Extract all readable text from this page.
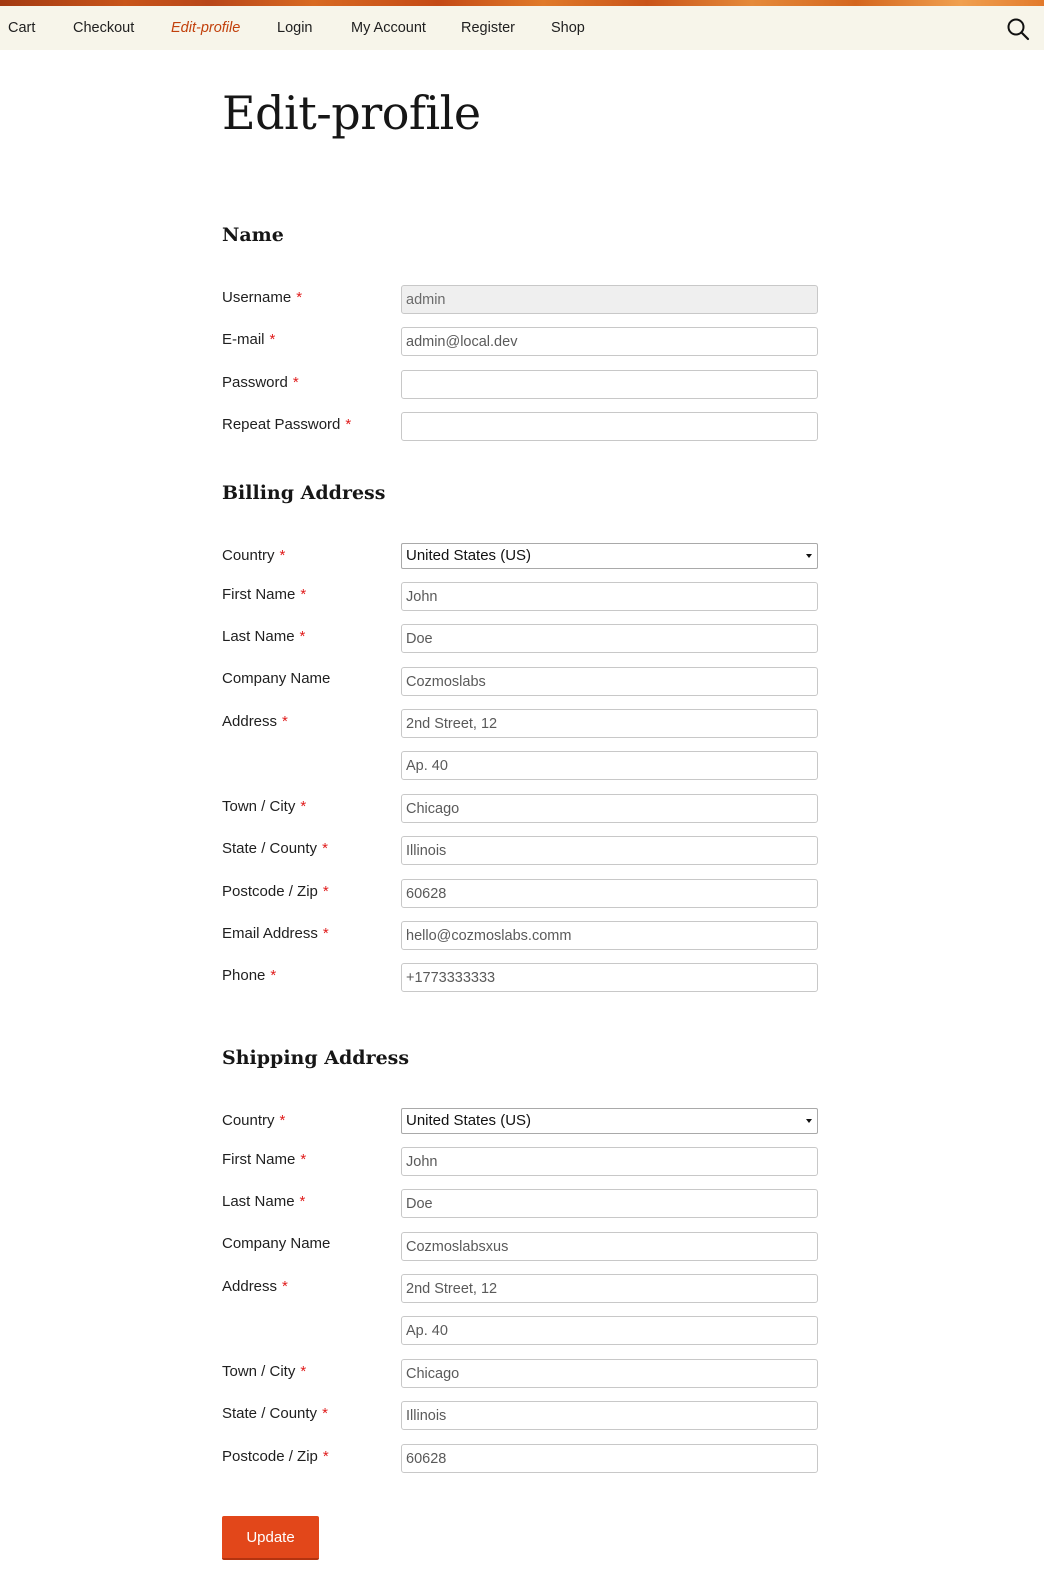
Cart	Checkout	Edit-profile	Login	My Account Register Shop
Edit-profile
Name
Username *
admin
E-mail *
admin@local.dev
Password *
Repeat Password *
Billing Address
Country *	United States (US)
First Name *
John
Last Name *
Doe
Company Name
Cozmoslabs
Address *
2nd Street, 12
Ap. 40
Town / City *
Chicago
State / County *
Illinois
Postcode / Zip *
60628
Email Address *
hello@cozmoslabs.comm
Phone *
+1773333333
Shipping Address
Country *	United States (US)
First Name *
John
Last Name *
Doe
Company Name
Cozmoslabsxus
Address *
2nd Street, 12
Ap. 40
Town / City *
Chicago
State / County *
Illinois
Postcode / Zip *
60628
Update
